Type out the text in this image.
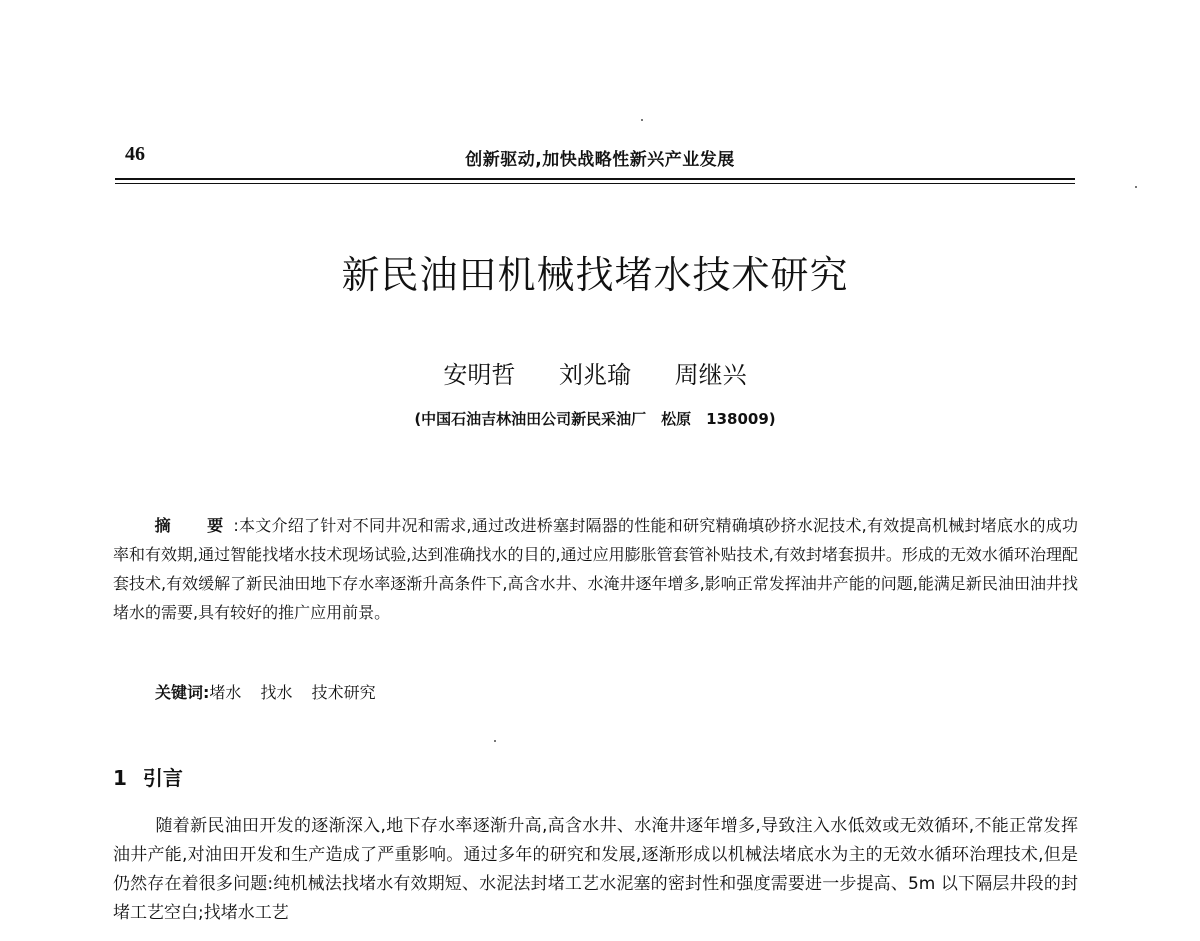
46	创新驱动,加快战略性新兴产业发展
新民油田机械找堵水技术研究
安明哲 刘兆瑜 周继兴
(中国石油吉林油田公司新民采油厂　松原　138009)
摘　要:本文介绍了针对不同井况和需求,通过改进桥塞封隔器的性能和研究精确填砂挤水泥技术,有效提高机械封堵底水的成功率和有效期,通过智能找堵水技术现场试验,达到准确找水的目的,通过应用膨胀管套管补贴技术,有效封堵套损井。形成的无效水循环治理配套技术,有效缓解了新民油田地下存水率逐渐升高条件下,高含水井、水淹井逐年增多,影响正常发挥油井产能的问题,能满足新民油田油井找堵水的需要,具有较好的推广应用前景。
关键词:堵水 找水 技术研究
1 引言
随着新民油田开发的逐渐深入,地下存水率逐渐升高,高含水井、水淹井逐年增多,导致注入水低效或无效循环,不能正常发挥油井产能,对油田开发和生产造成了严重影响。通过多年的研究和发展,逐渐形成以机械法堵底水为主的无效水循环治理技术,但是仍然存在着很多问题:纯机械法找堵水有效期短、水泥法封堵工艺水泥塞的密封性和强度需要进一步提高、5m 以下隔层井段的封堵工艺空白;找堵水工艺
